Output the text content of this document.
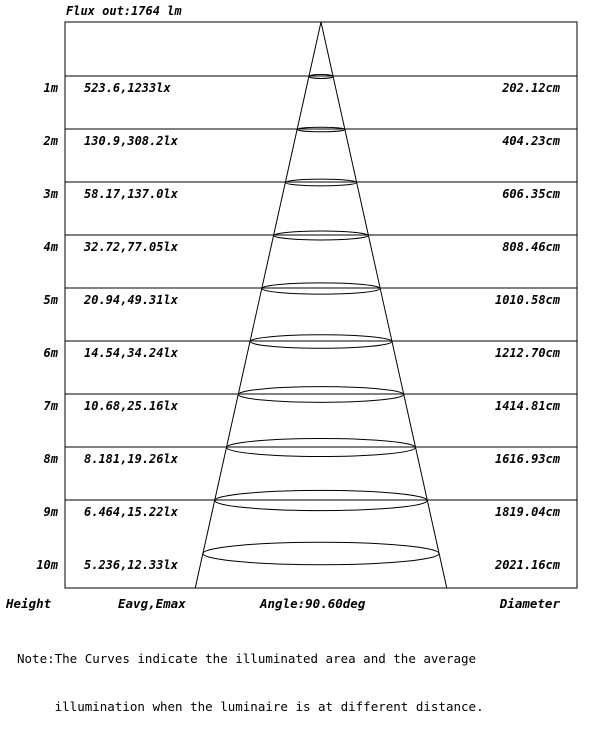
1m 523.6,1233lx	202.12cm
2m 130.9,308.2lx	404.23cm
3m 58.17,137.0lx	606.35cm
4m 32.72,77.05lx	808.46cm
5m 20.94,49.31lx	1010.58cm
6m 14.54,34.24lx	1212.70cm
7m 10.68,25.16lx	1414.81cm
8m 8.181,19.26lx	1616.93cm
9m 6.464,15.22lx	1819.04cm
10m 5.236,12.33lx	2021.16cm
Flux out:1764 lm
Height	Eavg,Emax	Angle:90.60deg	Diameter

Note:The Curves indicate the illuminated area and the average

illumination when the luminaire is at different distance.
